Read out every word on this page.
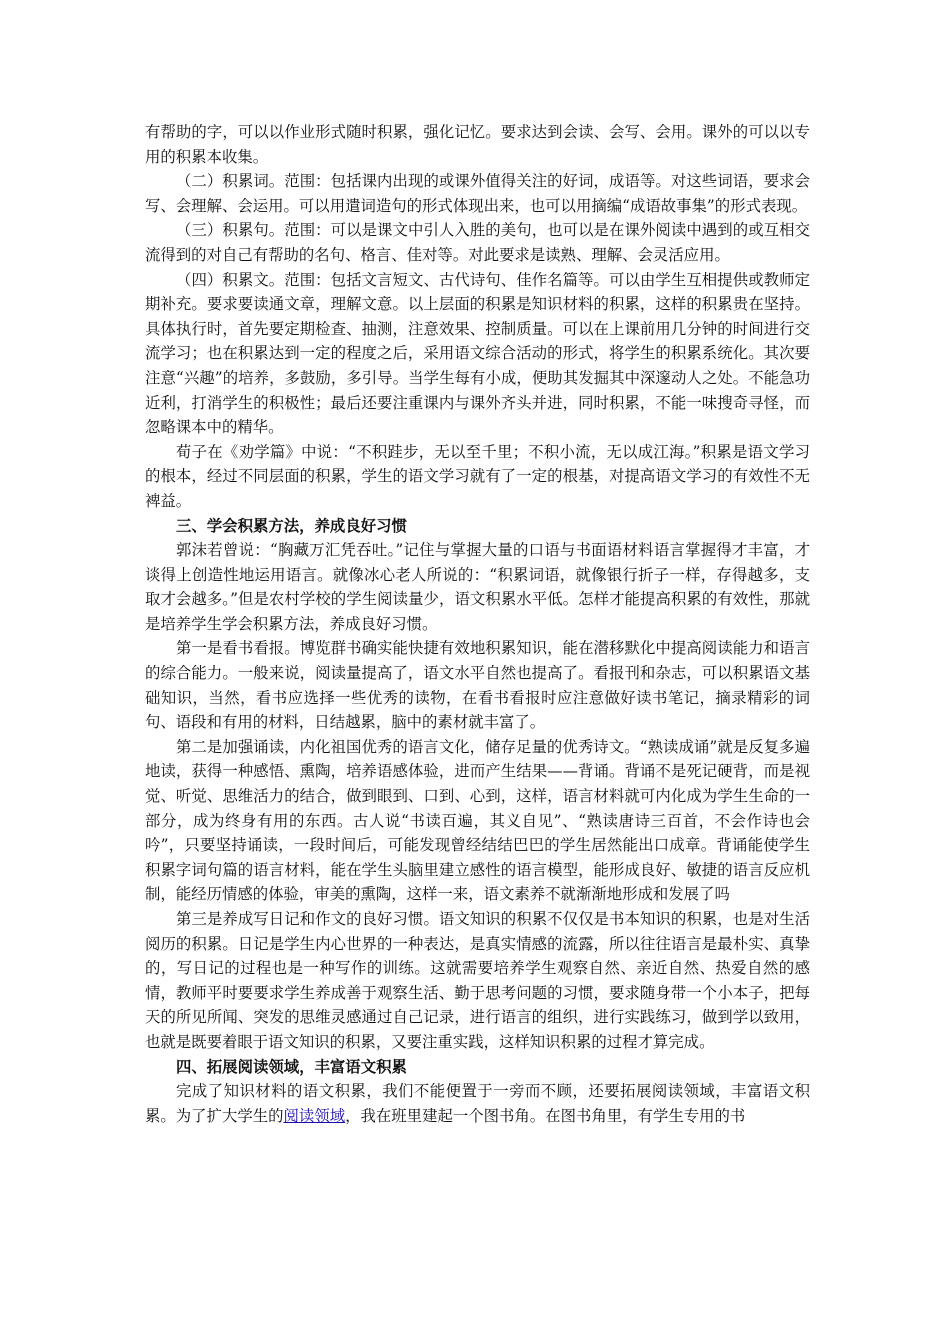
有帮助的字，可以以作业形式随时积累，强化记忆。要求达到会读、会写、会用。课外的可以以专用的积累本收集。

（二）积累词。范围：包括课内出现的或课外值得关注的好词，成语等。对这些词语，要求会写、会理解、会运用。可以用遣词造句的形式体现出来，也可以用摘编“成语故事集”的形式表现。

（三）积累句。范围：可以是课文中引人入胜的美句，也可以是在课外阅读中遇到的或互相交流得到的对自己有帮助的名句、格言、佳对等。对此要求是读熟、理解、会灵活应用。

（四）积累文。范围：包括文言短文、古代诗句、佳作名篇等。可以由学生互相提供或教师定期补充。要求要读通文章，理解文意。以上层面的积累是知识材料的积累，这样的积累贵在坚持。具体执行时，首先要定期检查、抽测，注意效果、控制质量。可以在上课前用几分钟的时间进行交流学习；也在积累达到一定的程度之后，采用语文综合活动的形式，将学生的积累系统化。其次要注意“兴趣”的培养，多鼓励，多引导。当学生每有小成，便助其发掘其中深邃动人之处。不能急功近利，打消学生的积极性；最后还要注重课内与课外齐头并进，同时积累，不能一味搜奇寻怪，而忽略课本中的精华。

荀子在《劝学篇》中说：“不积跬步，无以至千里；不积小流，无以成江海。”积累是语文学习的根本，经过不同层面的积累，学生的语文学习就有了一定的根基，对提高语文学习的有效性不无裨益。

三、学会积累方法，养成良好习惯

郭沫若曾说：“胸藏万汇凭吞吐。”记住与掌握大量的口语与书面语材料语言掌握得才丰富，才谈得上创造性地运用语言。就像冰心老人所说的：“积累词语，就像银行折子一样，存得越多，支取才会越多。”但是农村学校的学生阅读量少，语文积累水平低。怎样才能提高积累的有效性，那就是培养学生学会积累方法，养成良好习惯。

第一是看书看报。博览群书确实能快捷有效地积累知识，能在潜移默化中提高阅读能力和语言的综合能力。一般来说，阅读量提高了，语文水平自然也提高了。看报刊和杂志，可以积累语文基础知识，当然，看书应选择一些优秀的读物，在看书看报时应注意做好读书笔记，摘录精彩的词句、语段和有用的材料，日结越累，脑中的素材就丰富了。

第二是加强诵读，内化祖国优秀的语言文化，储存足量的优秀诗文。“熟读成诵”就是反复多遍地读，获得一种感悟、熏陶，培养语感体验，进而产生结果——背诵。背诵不是死记硬背，而是视觉、听觉、思维活力的结合，做到眼到、口到、心到，这样，语言材料就可内化成为学生生命的一部分，成为终身有用的东西。古人说“书读百遍，其义自见”、“熟读唐诗三百首，不会作诗也会吟”，只要坚持诵读，一段时间后，可能发现曾经结结巴巴的学生居然能出口成章。背诵能使学生积累字词句篇的语言材料，能在学生头脑里建立感性的语言模型，能形成良好、敏捷的语言反应机制，能经历情感的体验，审美的熏陶，这样一来，语文素养不就渐渐地形成和发展了吗

第三是养成写日记和作文的良好习惯。语文知识的积累不仅仅是书本知识的积累，也是对生活阅历的积累。日记是学生内心世界的一种表达，是真实情感的流露，所以往往语言是最朴实、真挚的，写日记的过程也是一种写作的训练。这就需要培养学生观察自然、亲近自然、热爱自然的感情，教师平时要要求学生养成善于观察生活、勤于思考问题的习惯，要求随身带一个小本子，把每天的所见所闻、突发的思维灵感通过自己记录，进行语言的组织，进行实践练习，做到学以致用，也就是既要着眼于语文知识的积累，又要注重实践，这样知识积累的过程才算完成。

四、拓展阅读领域，丰富语文积累

完成了知识材料的语文积累，我们不能便置于一旁而不顾，还要拓展阅读领域，丰富语文积累。为了扩大学生的阅读领域，我在班里建起一个图书角。在图书角里，有学生专用的书
